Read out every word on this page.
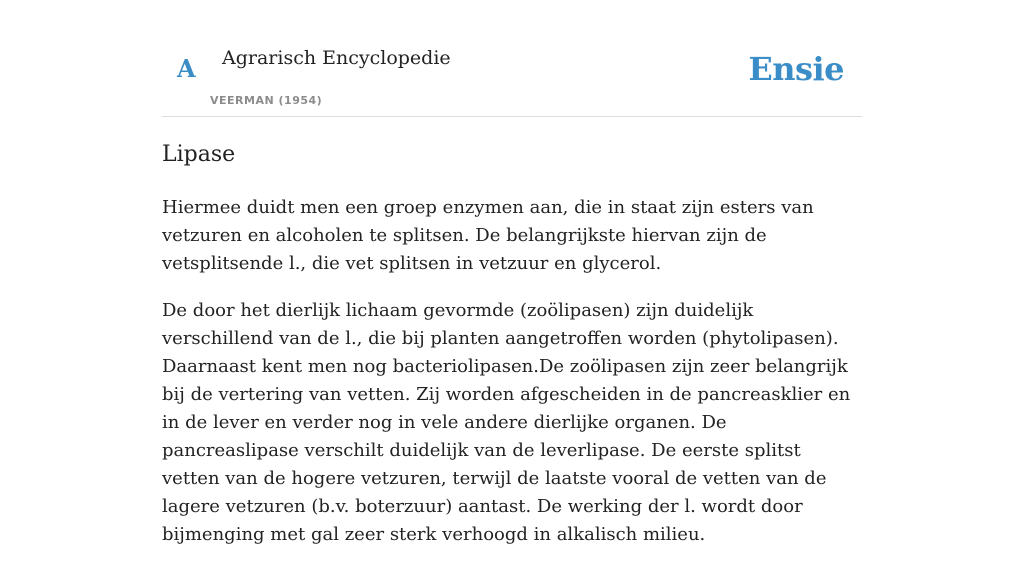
A Agrarisch Encyclopedie
VEERMAN (1954)
Ensie
Lipase

Hiermee duidt men een groep enzymen aan, die in staat zijn esters van vetzuren en alcoholen te splitsen. De belangrijkste hiervan zijn de vetsplitsende l., die vet splitsen in vetzuur en glycerol.

De door het dierlijk lichaam gevormde (zoölipasen) zijn duidelijk verschillend van de l., die bij planten aangetroffen worden (phytolipasen). Daarnaast kent men nog bacteriolipasen.De zoölipasen zijn zeer belangrijk bij de vertering van vetten. Zij worden afgescheiden in de pancreasklier en in de lever en verder nog in vele andere dierlijke organen. De pancreaslipase verschilt duidelijk van de leverlipase. De eerste splitst vetten van de hogere vetzuren, terwijl de laatste vooral de vetten van de lagere vetzuren (b.v. boterzuur) aantast. De werking der l. wordt door bijmenging met gal zeer sterk verhoogd in alkalisch milieu.
